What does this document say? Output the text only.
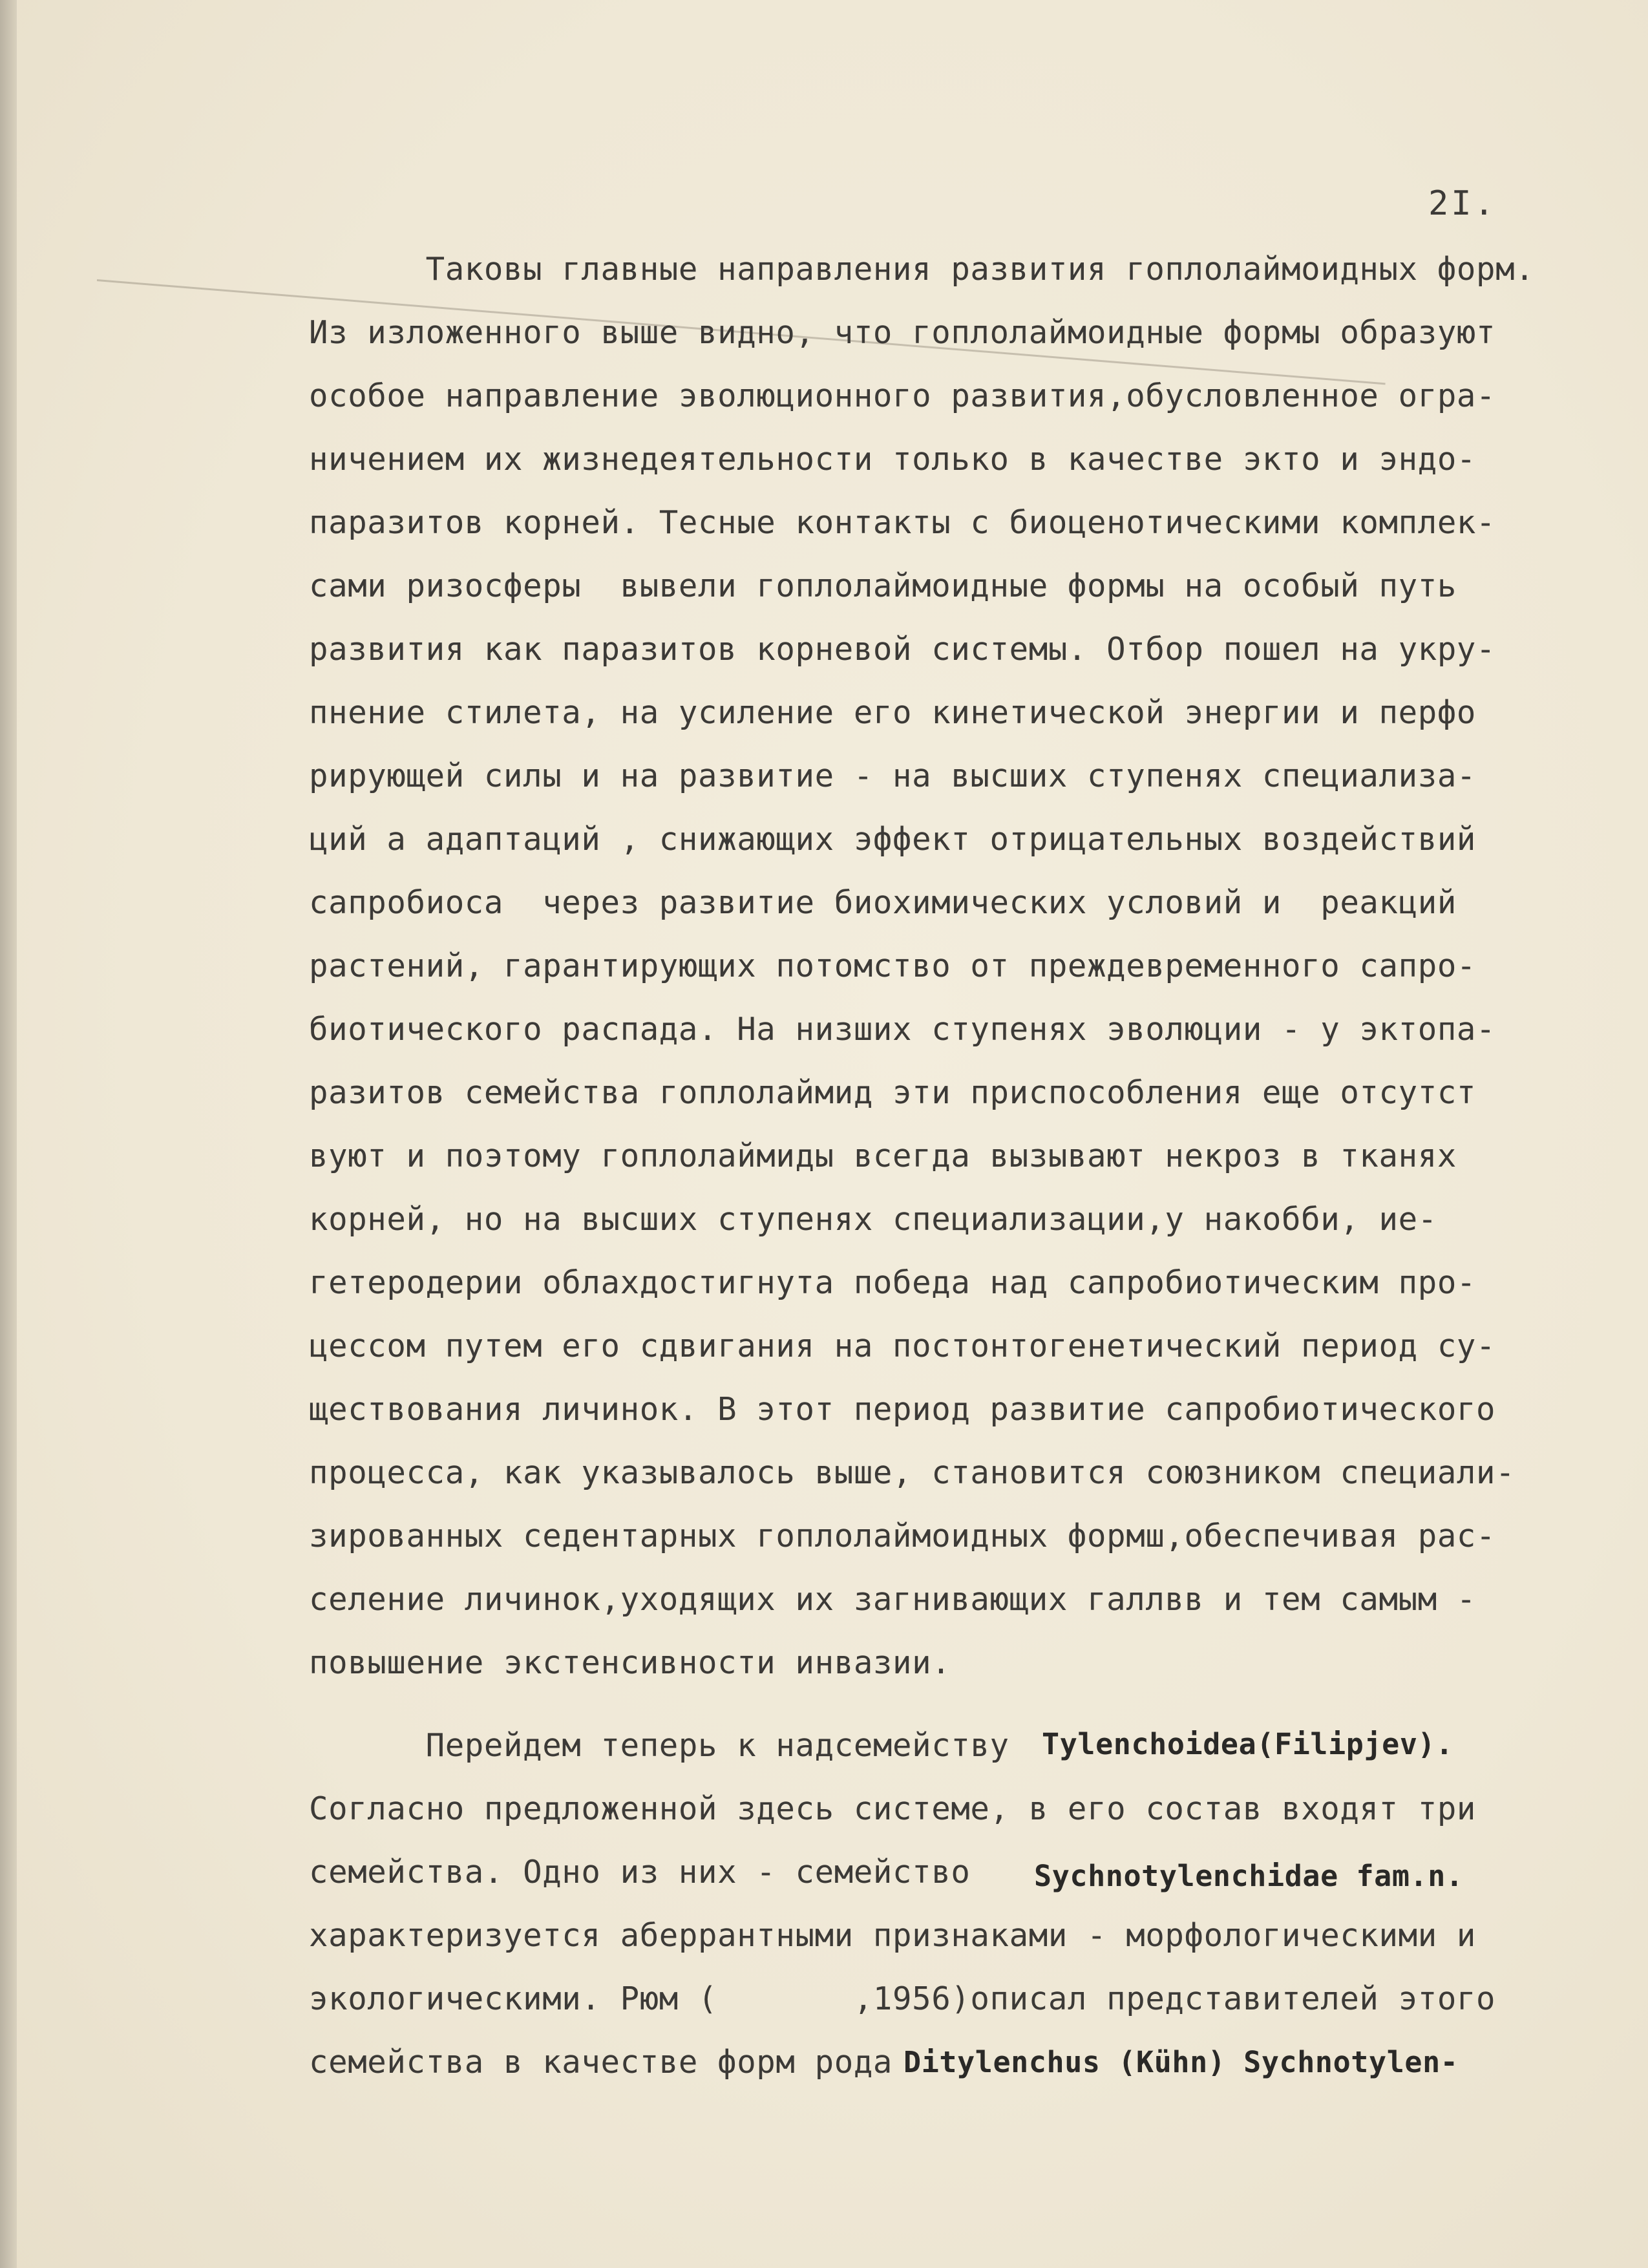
2I.
Таковы главные направления развития гоплолаймоидных форм.
Из изложенного выше видно, что гоплолаймоидные формы образуют
особое направление эволюционного развития,обусловленное огра-
ничением их жизнедеятельности только в качестве экто и эндо-
паразитов корней. Тесные контакты с биоценотическими комплек-
сами ризосферы  вывели гоплолаймоидные формы на особый путь
развития как паразитов корневой системы. Отбор пошел на укру-
пнение стилета, на усиление его кинетической энергии и перфо
рирующей силы и на развитие - на высших ступенях специализа-
ций а адаптаций , снижающих эффект отрицательных воздействий
сапробиоса  через развитие биохимических условий и  реакций
растений, гарантирующих потомство от преждевременного сапро-
биотического распада. На низших ступенях эволюции - у эктопа-
разитов семейства гоплолаймид эти приспособления еще отсутст
вуют и поэтому гоплолаймиды всегда вызывают некроз в тканях
корней, но на высших ступенях специализации,у накобби, ие-
гетеродерии облахдостигнута победа над сапробиотическим про-
цессом путем его сдвигания на постонтогенетический период су-
ществования личинок. В этот период развитие сапробиотического
процесса, как указывалось выше, становится союзником специали-
зированных седентарных гоплолаймоидных формш,обеспечивая рас-
селение личинок,уходящих их загнивающих галлвв и тем самым -
повышение экстенсивности инвазии.
Перейдем теперь к надсемейству Tylenchoidea(Filipjev).
Согласно предложенной здесь системе, в его состав входят три
семейства. Одно из них - семейство Sychnotylenchidae fam.n.
характеризуется аберрантными признаками - морфологическими и
экологическими. Рюм (       ,1956)описал представителей этого
семейства в качестве форм рода Ditylenchus (Kühn) Sychnotylen-
